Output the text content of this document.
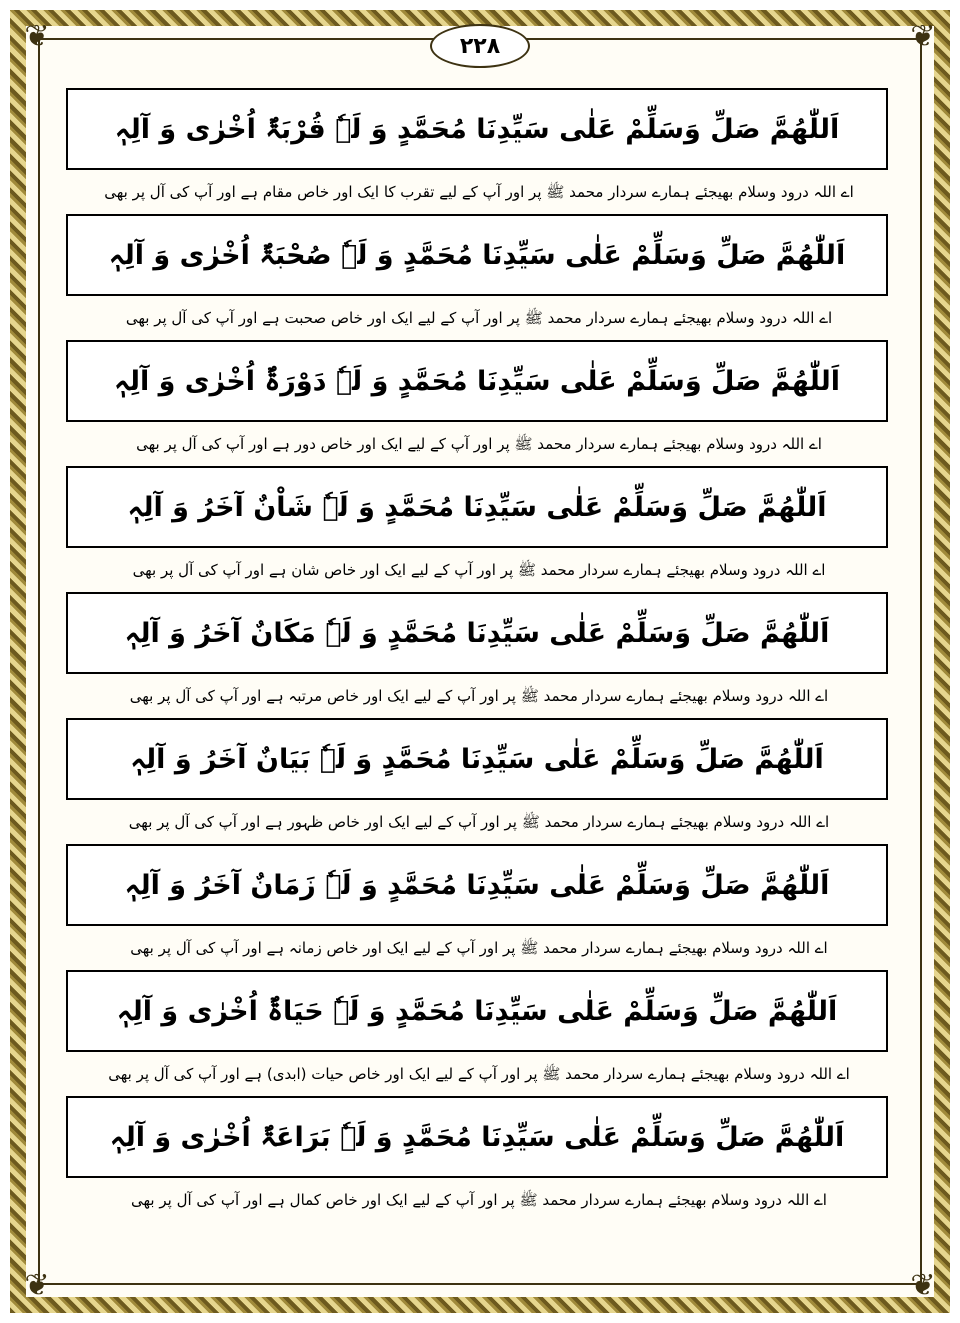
❦	❦
❦	❦
۲۲۸
اَللّٰھُمَّ صَلِّ وَسَلِّمْ عَلٰی سَیِّدِنَا مُحَمَّدٍ وَ لَہٗ قُرْبَۃٌ اُخْرٰی وَ آلِہٖ
اے اللہ درود وسلام بھیجئے ہمارے سردار محمد ﷺ پر اور آپ کے لیے تقرب کا ایک اور خاص مقام ہے اور آپ کی آل پر بھی
اَللّٰھُمَّ صَلِّ وَسَلِّمْ عَلٰی سَیِّدِنَا مُحَمَّدٍ وَ لَہٗ صُحْبَۃٌ اُخْرٰی وَ آلِہٖ
اے اللہ درود وسلام بھیجئے ہمارے سردار محمد ﷺ پر اور آپ کے لیے ایک اور خاص صحبت ہے اور آپ کی آل پر بھی
اَللّٰھُمَّ صَلِّ وَسَلِّمْ عَلٰی سَیِّدِنَا مُحَمَّدٍ وَ لَہٗ دَوْرَۃٌ اُخْرٰی وَ آلِہٖ
اے اللہ درود وسلام بھیجئے ہمارے سردار محمد ﷺ پر اور آپ کے لیے ایک اور خاص دور ہے اور آپ کی آل پر بھی
اَللّٰھُمَّ صَلِّ وَسَلِّمْ عَلٰی سَیِّدِنَا مُحَمَّدٍ وَ لَہٗ شَاْنٌ آخَرُ وَ آلِہٖ
اے اللہ درود وسلام بھیجئے ہمارے سردار محمد ﷺ پر اور آپ کے لیے ایک اور خاص شان ہے اور آپ کی آل پر بھی
اَللّٰھُمَّ صَلِّ وَسَلِّمْ عَلٰی سَیِّدِنَا مُحَمَّدٍ وَ لَہٗ مَکَانٌ آخَرُ وَ آلِہٖ
اے اللہ درود وسلام بھیجئے ہمارے سردار محمد ﷺ پر اور آپ کے لیے ایک اور خاص مرتبہ ہے اور آپ کی آل پر بھی
اَللّٰھُمَّ صَلِّ وَسَلِّمْ عَلٰی سَیِّدِنَا مُحَمَّدٍ وَ لَہٗ بَیَانٌ آخَرُ وَ آلِہٖ
اے اللہ درود وسلام بھیجئے ہمارے سردار محمد ﷺ پر اور آپ کے لیے ایک اور خاص ظہور ہے اور آپ کی آل پر بھی
اَللّٰھُمَّ صَلِّ وَسَلِّمْ عَلٰی سَیِّدِنَا مُحَمَّدٍ وَ لَہٗ زَمَانٌ آخَرُ وَ آلِہٖ
اے اللہ درود وسلام بھیجئے ہمارے سردار محمد ﷺ پر اور آپ کے لیے ایک اور خاص زمانہ ہے اور آپ کی آل پر بھی
اَللّٰھُمَّ صَلِّ وَسَلِّمْ عَلٰی سَیِّدِنَا مُحَمَّدٍ وَ لَہٗ حَیَاۃٌ اُخْرٰی وَ آلِہٖ
اے اللہ درود وسلام بھیجئے ہمارے سردار محمد ﷺ پر اور آپ کے لیے ایک اور خاص حیات (ابدی) ہے اور آپ کی آل پر بھی
اَللّٰھُمَّ صَلِّ وَسَلِّمْ عَلٰی سَیِّدِنَا مُحَمَّدٍ وَ لَہٗ بَرَاعَۃٌ اُخْرٰی وَ آلِہٖ
اے اللہ درود وسلام بھیجئے ہمارے سردار محمد ﷺ پر اور آپ کے لیے ایک اور خاص کمال ہے اور آپ کی آل پر بھی
